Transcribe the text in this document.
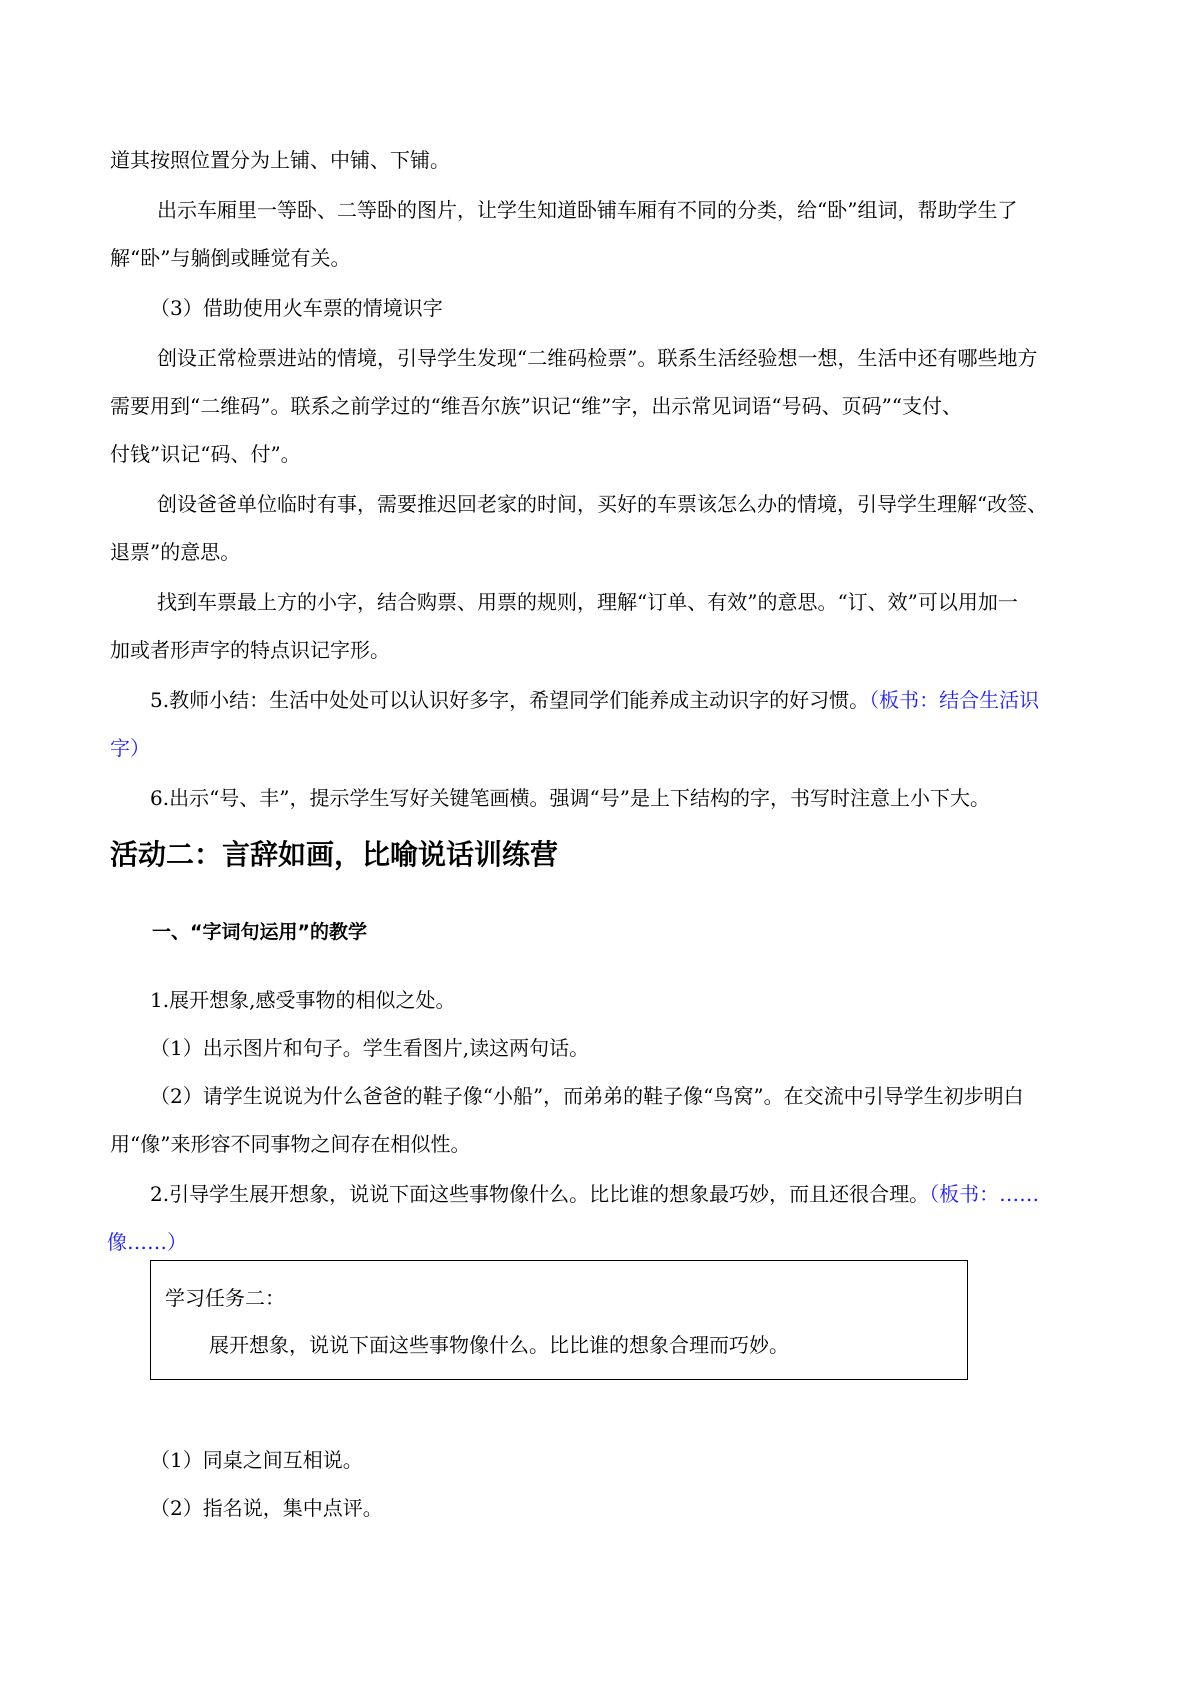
道其按照位置分为上铺、中铺、下铺。
出示车厢里一等卧、二等卧的图片，让学生知道卧铺车厢有不同的分类，给“卧”组词，帮助学生了
解“卧”与躺倒或睡觉有关。
（3）借助使用火车票的情境识字
创设正常检票进站的情境，引导学生发现“二维码检票”。联系生活经验想一想，生活中还有哪些地方
需要用到“二维码”。联系之前学过的“维吾尔族”识记“维”字，出示常见词语“号码、页码”“支付、
付钱”识记“码、付”。
创设爸爸单位临时有事，需要推迟回老家的时间，买好的车票该怎么办的情境，引导学生理解“改签、
退票”的意思。
找到车票最上方的小字，结合购票、用票的规则，理解“订单、有效”的意思。“订、效”可以用加一
加或者形声字的特点识记字形。
5.教师小结：生活中处处可以认识好多字，希望同学们能养成主动识字的好习惯。（板书：结合生活识
字）
6.出示“号、丰”，提示学生写好关键笔画横。强调“号”是上下结构的字，书写时注意上小下大。
活动二：言辞如画，比喻说话训练营
一、“字词句运用”的教学
1.展开想象,感受事物的相似之处。
（1）出示图片和句子。学生看图片,读这两句话。
（2）请学生说说为什么爸爸的鞋子像“小船”，而弟弟的鞋子像“鸟窝”。在交流中引导学生初步明白
用“像”来形容不同事物之间存在相似性。
2.引导学生展开想象，说说下面这些事物像什么。比比谁的想象最巧妙，而且还很合理。（板书：……
像……）
学习任务二：
展开想象，说说下面这些事物像什么。比比谁的想象合理而巧妙。
（1）同桌之间互相说。
（2）指名说，集中点评。
